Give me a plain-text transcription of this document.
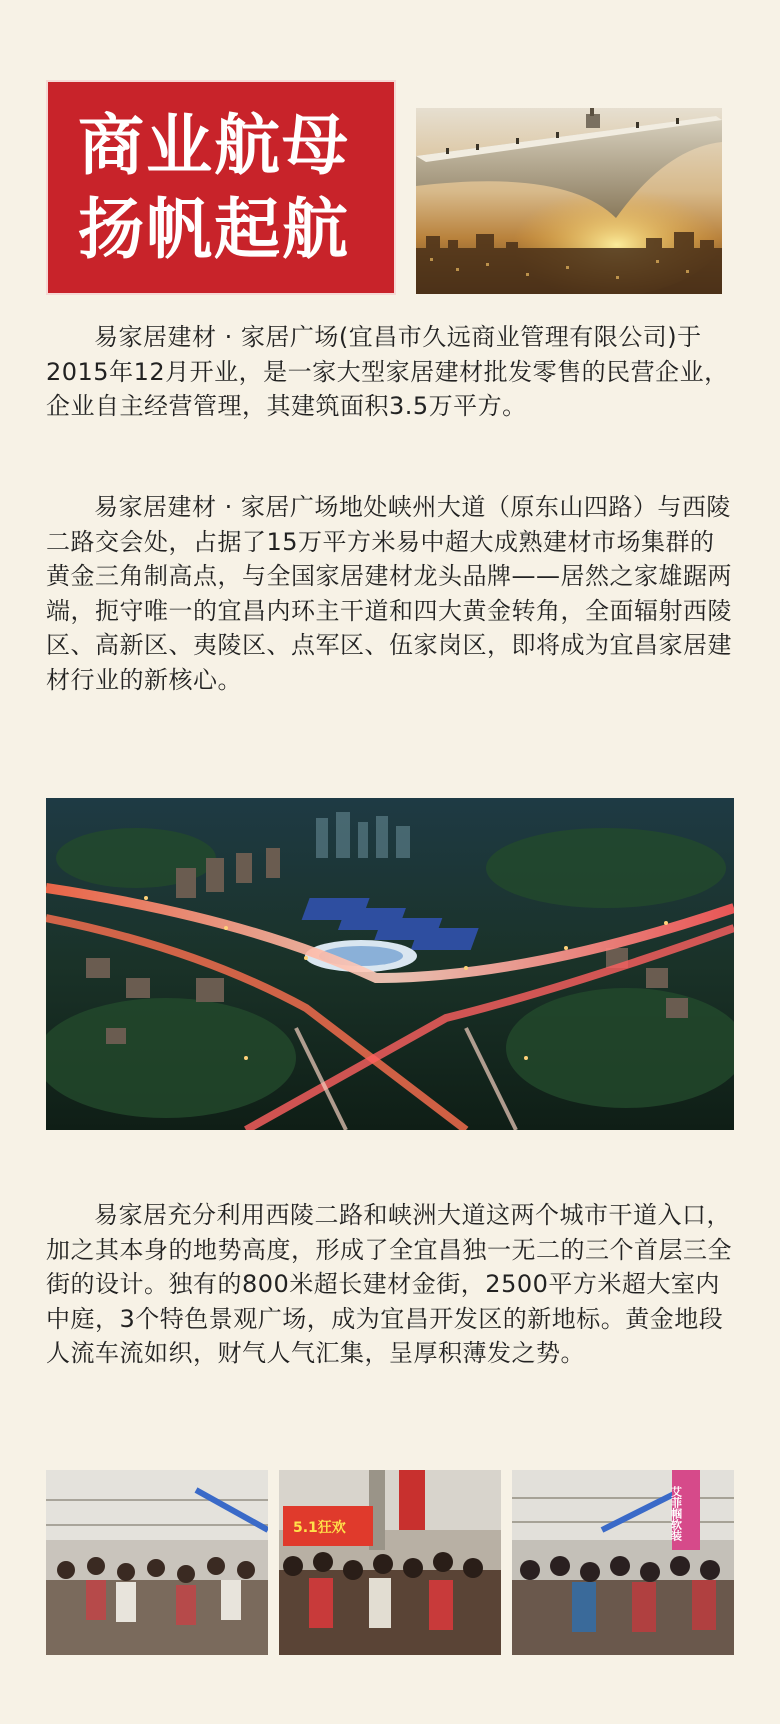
商业航母
扬帆起航

易家居建材 · 家居广场(宜昌市久远商业管理有限公司)于2015年12月开业，是一家大型家居建材批发零售的民营企业，企业自主经营管理，其建筑面积3.5万平方。

易家居建材 · 家居广场地处峡州大道（原东山四路）与西陵二路交会处，占据了15万平方米易中超大成熟建材市场集群的黄金三角制高点，与全国家居建材龙头品牌——居然之家雄踞两端，扼守唯一的宜昌内环主干道和四大黄金转角，全面辐射西陵区、高新区、夷陵区、点军区、伍家岗区，即将成为宜昌家居建材行业的新核心。

易家居充分利用西陵二路和峡洲大道这两个城市干道入口，加之其本身的地势高度，形成了全宜昌独一无二的三个首层三全街的设计。独有的800米超长建材金街，2500平方米超大室内中庭，3个特色景观广场，成为宜昌开发区的新地标。黄金地段人流车流如织，财气人气汇集，呈厚积薄发之势。

5.1狂欢	艾菲帼软装
